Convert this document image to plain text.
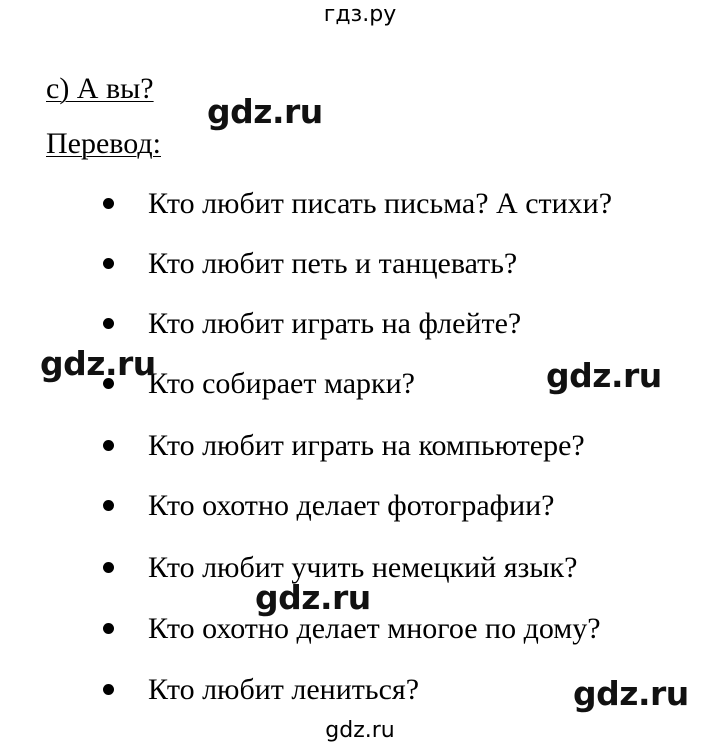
гдз.ру
c) А вы?
Перевод:
Кто любит писать письма? А стихи?
Кто любит петь и танцевать?
Кто любит играть на флейте?
Кто собирает марки?
Кто любит играть на компьютере?
Кто охотно делает фотографии?
Кто любит учить немецкий язык?
Кто охотно делает многое по дому?
Кто любит лениться?
gdz.ru
gdz.ru	gdz.ru
gdz.ru
gdz.ru
gdz.ru
